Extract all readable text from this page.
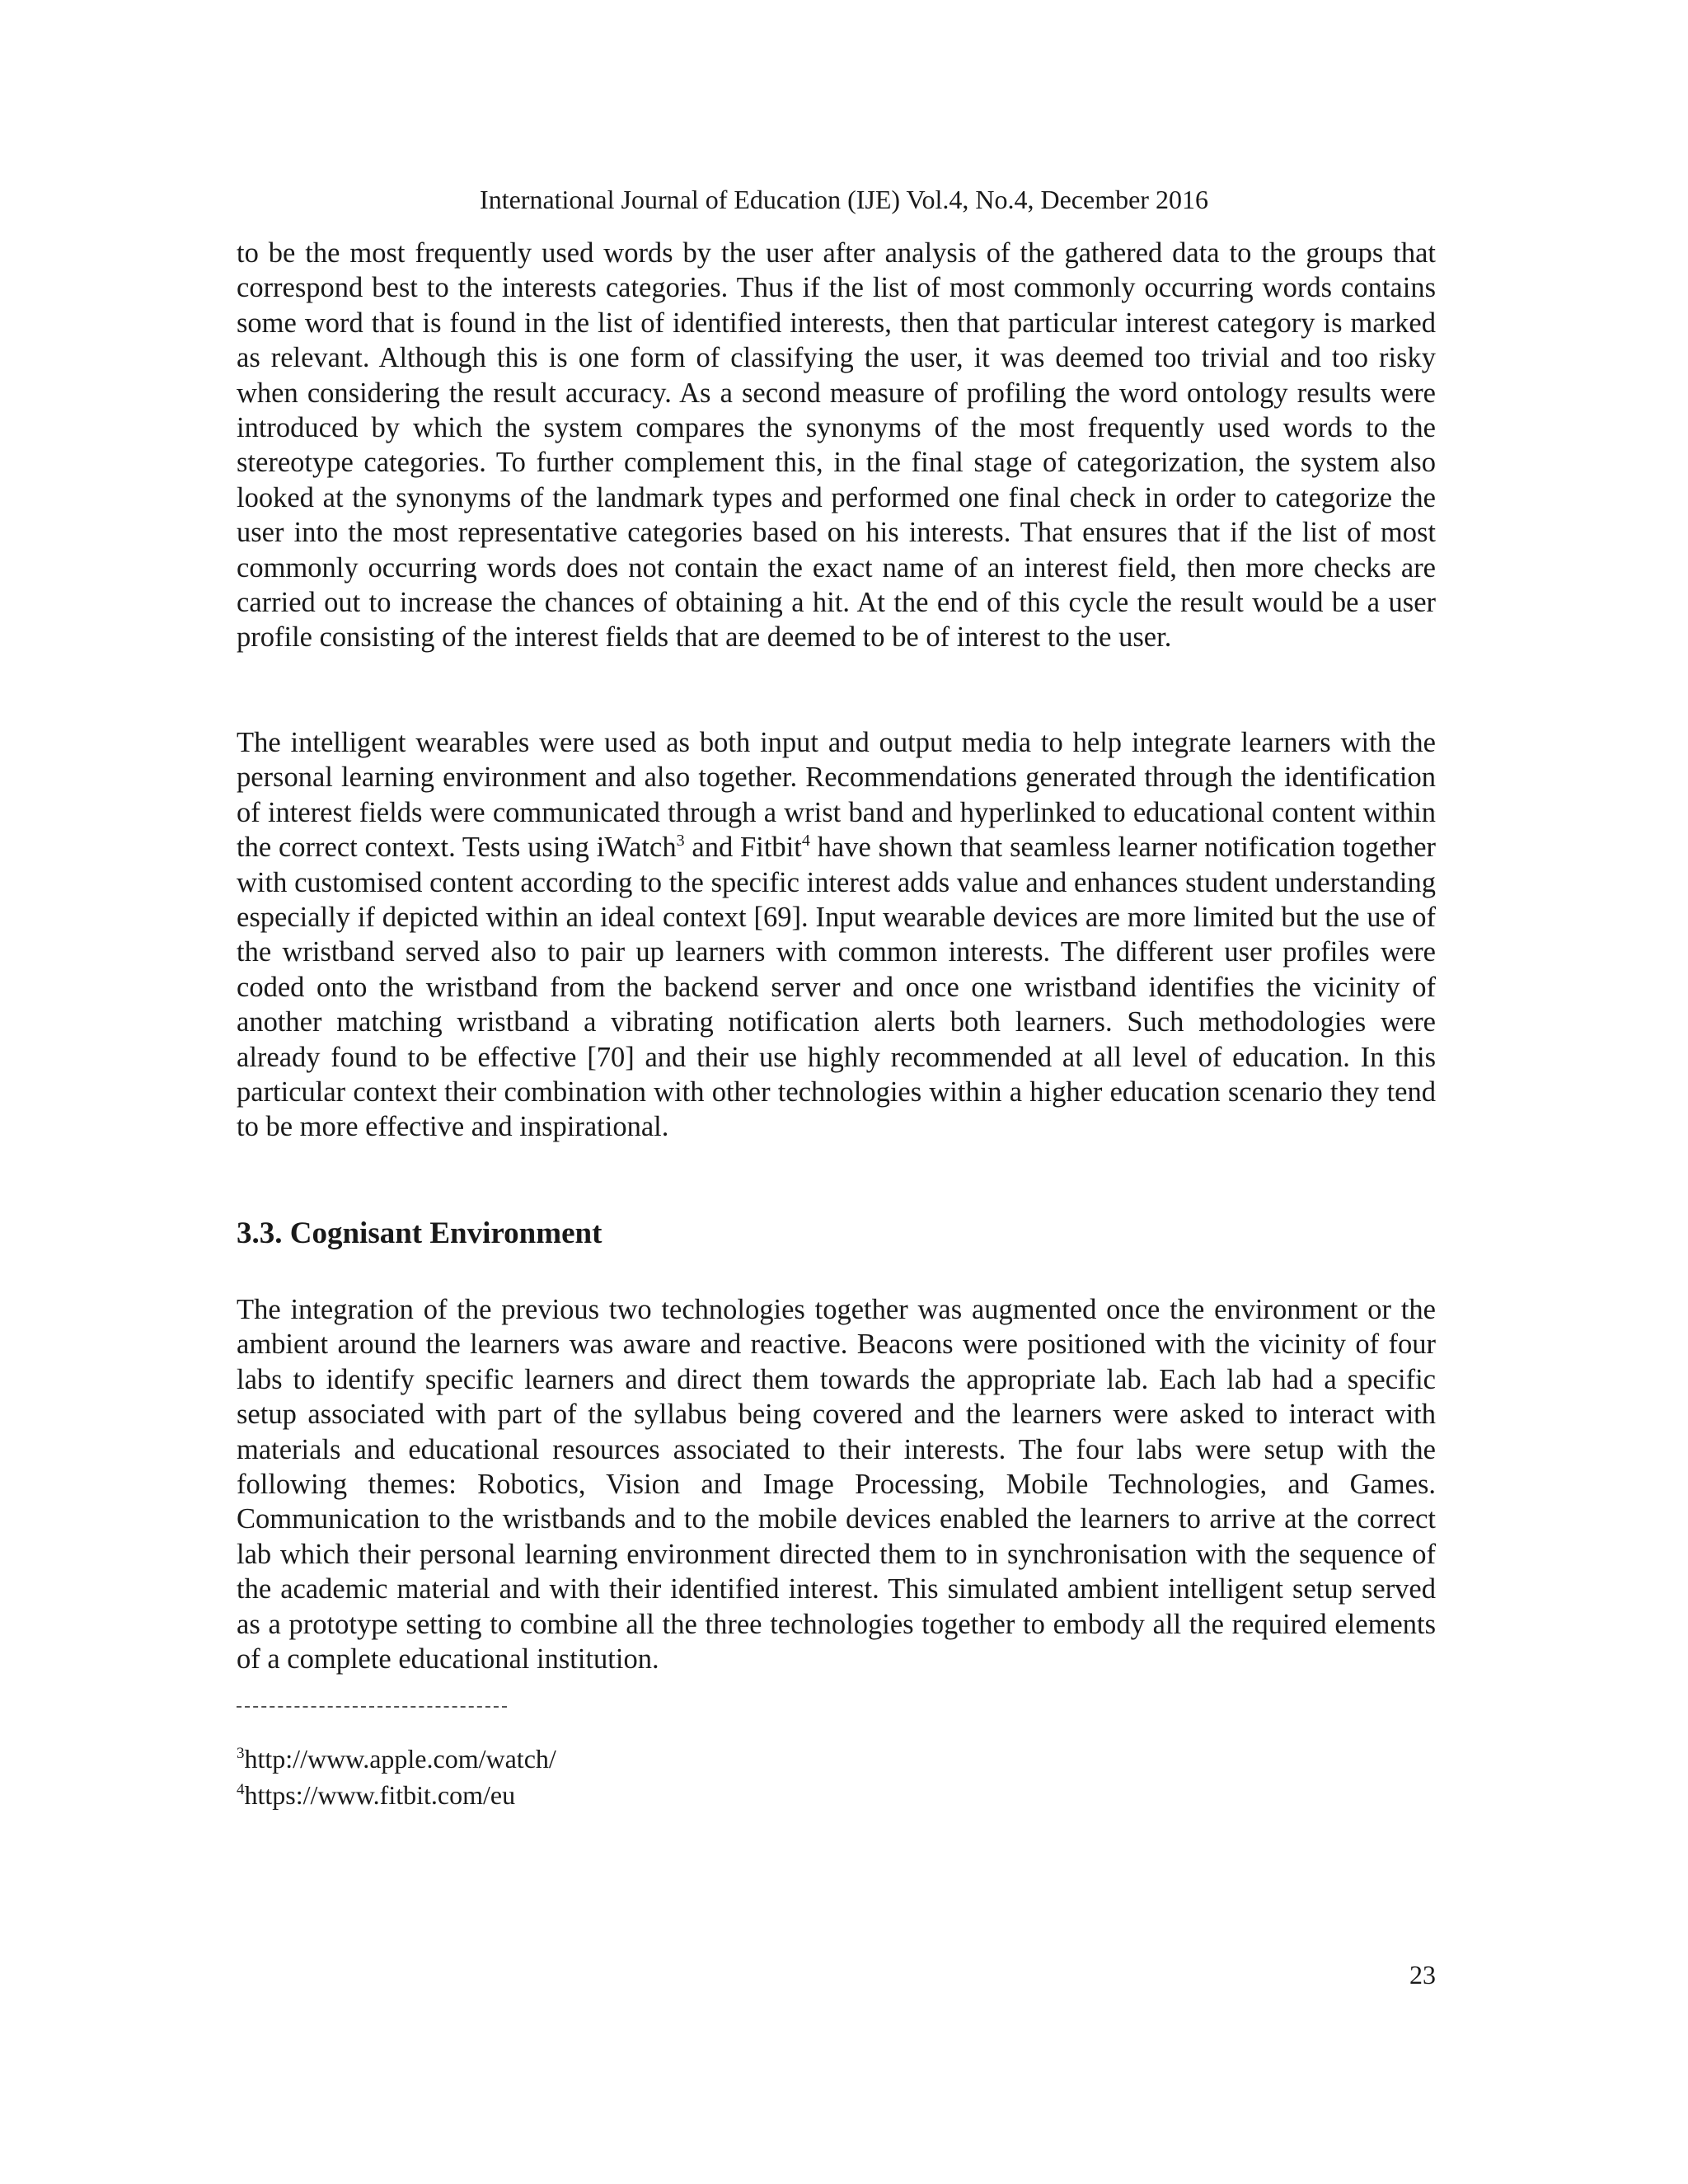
International Journal of Education (IJE) Vol.4, No.4, December 2016

to be the most frequently used words by the user after analysis of the gathered data to the groups that correspond best to the interests categories. Thus if the list of most commonly occurring words contains some word that is found in the list of identified interests, then that particular interest category is marked as relevant. Although this is one form of classifying the user, it was deemed too trivial and too risky when considering the result accuracy. As a second measure of profiling the word ontology results were introduced by which the system compares the synonyms of the most frequently used words to the stereotype categories. To further complement this, in the final stage of categorization, the system also looked at the synonyms of the landmark types and performed one final check in order to categorize the user into the most representative categories based on his interests. That ensures that if the list of most commonly occurring words does not contain the exact name of an interest field, then more checks are carried out to increase the chances of obtaining a hit. At the end of this cycle the result would be a user profile consisting of the interest fields that are deemed to be of interest to the user.

The intelligent wearables were used as both input and output media to help integrate learners with the personal learning environment and also together. Recommendations generated through the identification of interest fields were communicated through a wrist band and hyperlinked to educational content within the correct context. Tests using iWatch$^3$ and Fitbit$^4$ have shown that seamless learner notification together with customised content according to the specific interest adds value and enhances student understanding especially if depicted within an ideal context [69]. Input wearable devices are more limited but the use of the wristband served also to pair up learners with common interests. The different user profiles were coded onto the wristband from the backend server and once one wristband identifies the vicinity of another matching wristband a vibrating notification alerts both learners. Such methodologies were already found to be effective [70] and their use highly recommended at all level of education. In this particular context their combination with other technologies within a higher education scenario they tend to be more effective and inspirational.

3.3. Cognisant Environment

The integration of the previous two technologies together was augmented once the environment or the ambient around the learners was aware and reactive. Beacons were positioned with the vicinity of four labs to identify specific learners and direct them towards the appropriate lab. Each lab had a specific setup associated with part of the syllabus being covered and the learners were asked to interact with materials and educational resources associated to their interests. The four labs were setup with the following themes: Robotics, Vision and Image Processing, Mobile Technologies, and Games. Communication to the wristbands and to the mobile devices enabled the learners to arrive at the correct lab which their personal learning environment directed them to in synchronisation with the sequence of the academic material and with their identified interest. This simulated ambient intelligent setup served as a prototype setting to combine all the three technologies together to embody all the required elements of a complete educational institution.

$^3$http://www.apple.com/watch/
$^4$https://www.fitbit.com/eu
23
